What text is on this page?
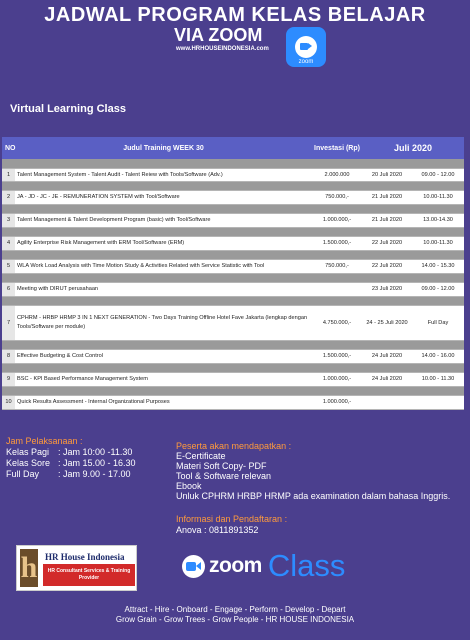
JADWAL PROGRAM KELAS BELAJAR
VIA ZOOM
www.HRHOUSEINDONESIA.com
zoom
Virtual Learning Class
NO	Judul Training WEEK 30	Investasi (Rp)	Juli 2020	

1	Talent Management System - Talent Audit - Talent Reiew with Tools/Software (Adv.)	2.000.000	20 Juli 2020	09.00 - 12.00

2	JA - JD - JC - JE - REMUNERATION SYSTEM with Tool/Software	750.000,-	21 Juli 2020	10.00-11.30

3	Talent Management & Talent Development Program (basic) with Tool/Software	1.000.000,-	21 Juli 2020	13.00-14.30

4	Agility Enterprise Risk Management with ERM Tool/Software (ERM)	1.500.000,-	22 Juli 2020	10.00-11.30

5	WLA Work Load Analysis with Time Motion Study & Activities Related with Service Statistic with Tool	750.000,-	22 Juli 2020	14.00 - 15.30

6	Meeting with DIRUT perusahaan		23 Juli 2020	09.00 - 12.00

7	CPHRM - HRBP HRMP 3 IN 1 NEXT GENERATION - Two Days Training Offline Hotel Fave Jakarta (lengkap dengan Tools/Software per module)	4.750.000,-	24 - 25 Juli 2020	Full Day

8	Effective Budgeting & Cost Control	1.500.000,-	24 Juli 2020	14.00 - 16.00

9	BSC - KPI Based Performance Management System	1.000.000,-	24 Juli 2020	10.00 - 11.30

10	Quick Results Assessment - Internal Organizational Purposes	1.000.000,-		
Jam Pelaksanaan :
Kelas Pagi : Jam 10:00 -11.30
Kelas Sore : Jam 15.00 - 16.30
Full Day	: Jam 9.00 - 17.00
Peserta akan mendapatkan :
E-Certificate
Materi Soft Copy- PDF
Tool & Software relevan
Ebook
Unluk CPHRM HRBP HRMP ada examination dalam bahasa Inggris.
Informasi dan Pendaftaran :
Anova : 0811891352
h HR House Indonesia
HR Consultant Services & Training Provider
zoom Class
Attract - Hire - Onboard - Engage - Perform - Develop - Depart
Grow Grain - Grow Trees - Grow People - HR HOUSE INDONESIA
